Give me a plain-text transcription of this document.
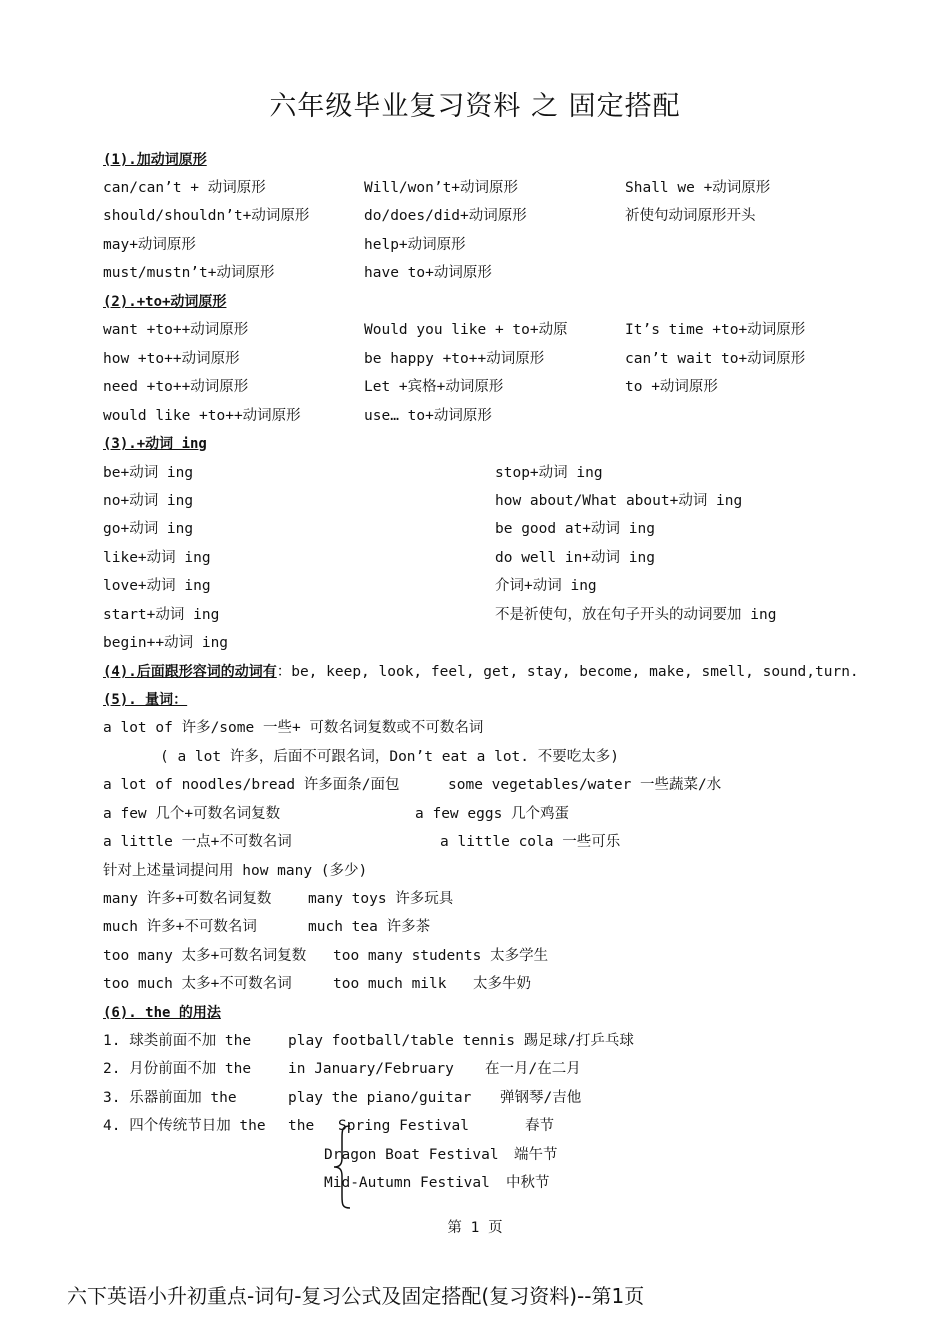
六年级毕业复习资料 之 固定搭配
(1).加动词原形
can/can’t + 动词原形	Will/won’t+动词原形	Shall we +动词原形
should/shouldn’t+动词原形	do/does/did+动词原形	祈使句动词原形开头
may+动词原形	help+动词原形
must/mustn’t+动词原形	have to+动词原形
(2).+to+动词原形
want +to++动词原形	Would you like + to+动原	It’s time +to+动词原形
how +to++动词原形	be happy +to++动词原形	can’t wait to+动词原形
need +to++动词原形	Let +宾格+动词原形	to +动词原形
would like +to++动词原形	use… to+动词原形
(3).+动词 ing
be+动词 ing	stop+动词 ing
no+动词 ing	how about/What about+动词 ing
go+动词 ing	be good at+动词 ing
like+动词 ing	do well in+动词 ing
love+动词 ing	介词+动词 ing
start+动词 ing	不是祈使句，放在句子开头的动词要加 ing
begin++动词 ing
(4).后面跟形容词的动词有：be, keep, look, feel, get, stay, become, make, smell, sound,turn.
(5). 量词：
a lot of 许多/some 一些+ 可数名词复数或不可数名词
( a lot 许多，后面不可跟名词，Don’t eat a lot. 不要吃太多)
a lot of noodles/bread 许多面条/面包	some vegetables/water 一些蔬菜/水
a few 几个+可数名词复数	a few eggs 几个鸡蛋
a little 一点+不可数名词	a little cola 一些可乐
针对上述量词提问用 how many (多少)
many 许多+可数名词复数	many toys 许多玩具
much 许多+不可数名词	much tea 许多茶
too many 太多+可数名词复数 too many students 太多学生
too much 太多+不可数名词	too much milk 太多牛奶
(6). the 的用法
1. 球类前面不加 the	play football/table tennis 踢足球/打乒乓球
2. 月份前面不加 the	in January/February 在一月/在二月
3. 乐器前面加 the	play the piano/guitar 弹钢琴/吉他
4. 四个传统节日加 the the Spring Festival	春节
Dragon Boat Festival 端午节
Mid-Autumn Festival 中秋节
第 1 页
六下英语小升初重点-词句-复习公式及固定搭配(复习资料)--第1页
